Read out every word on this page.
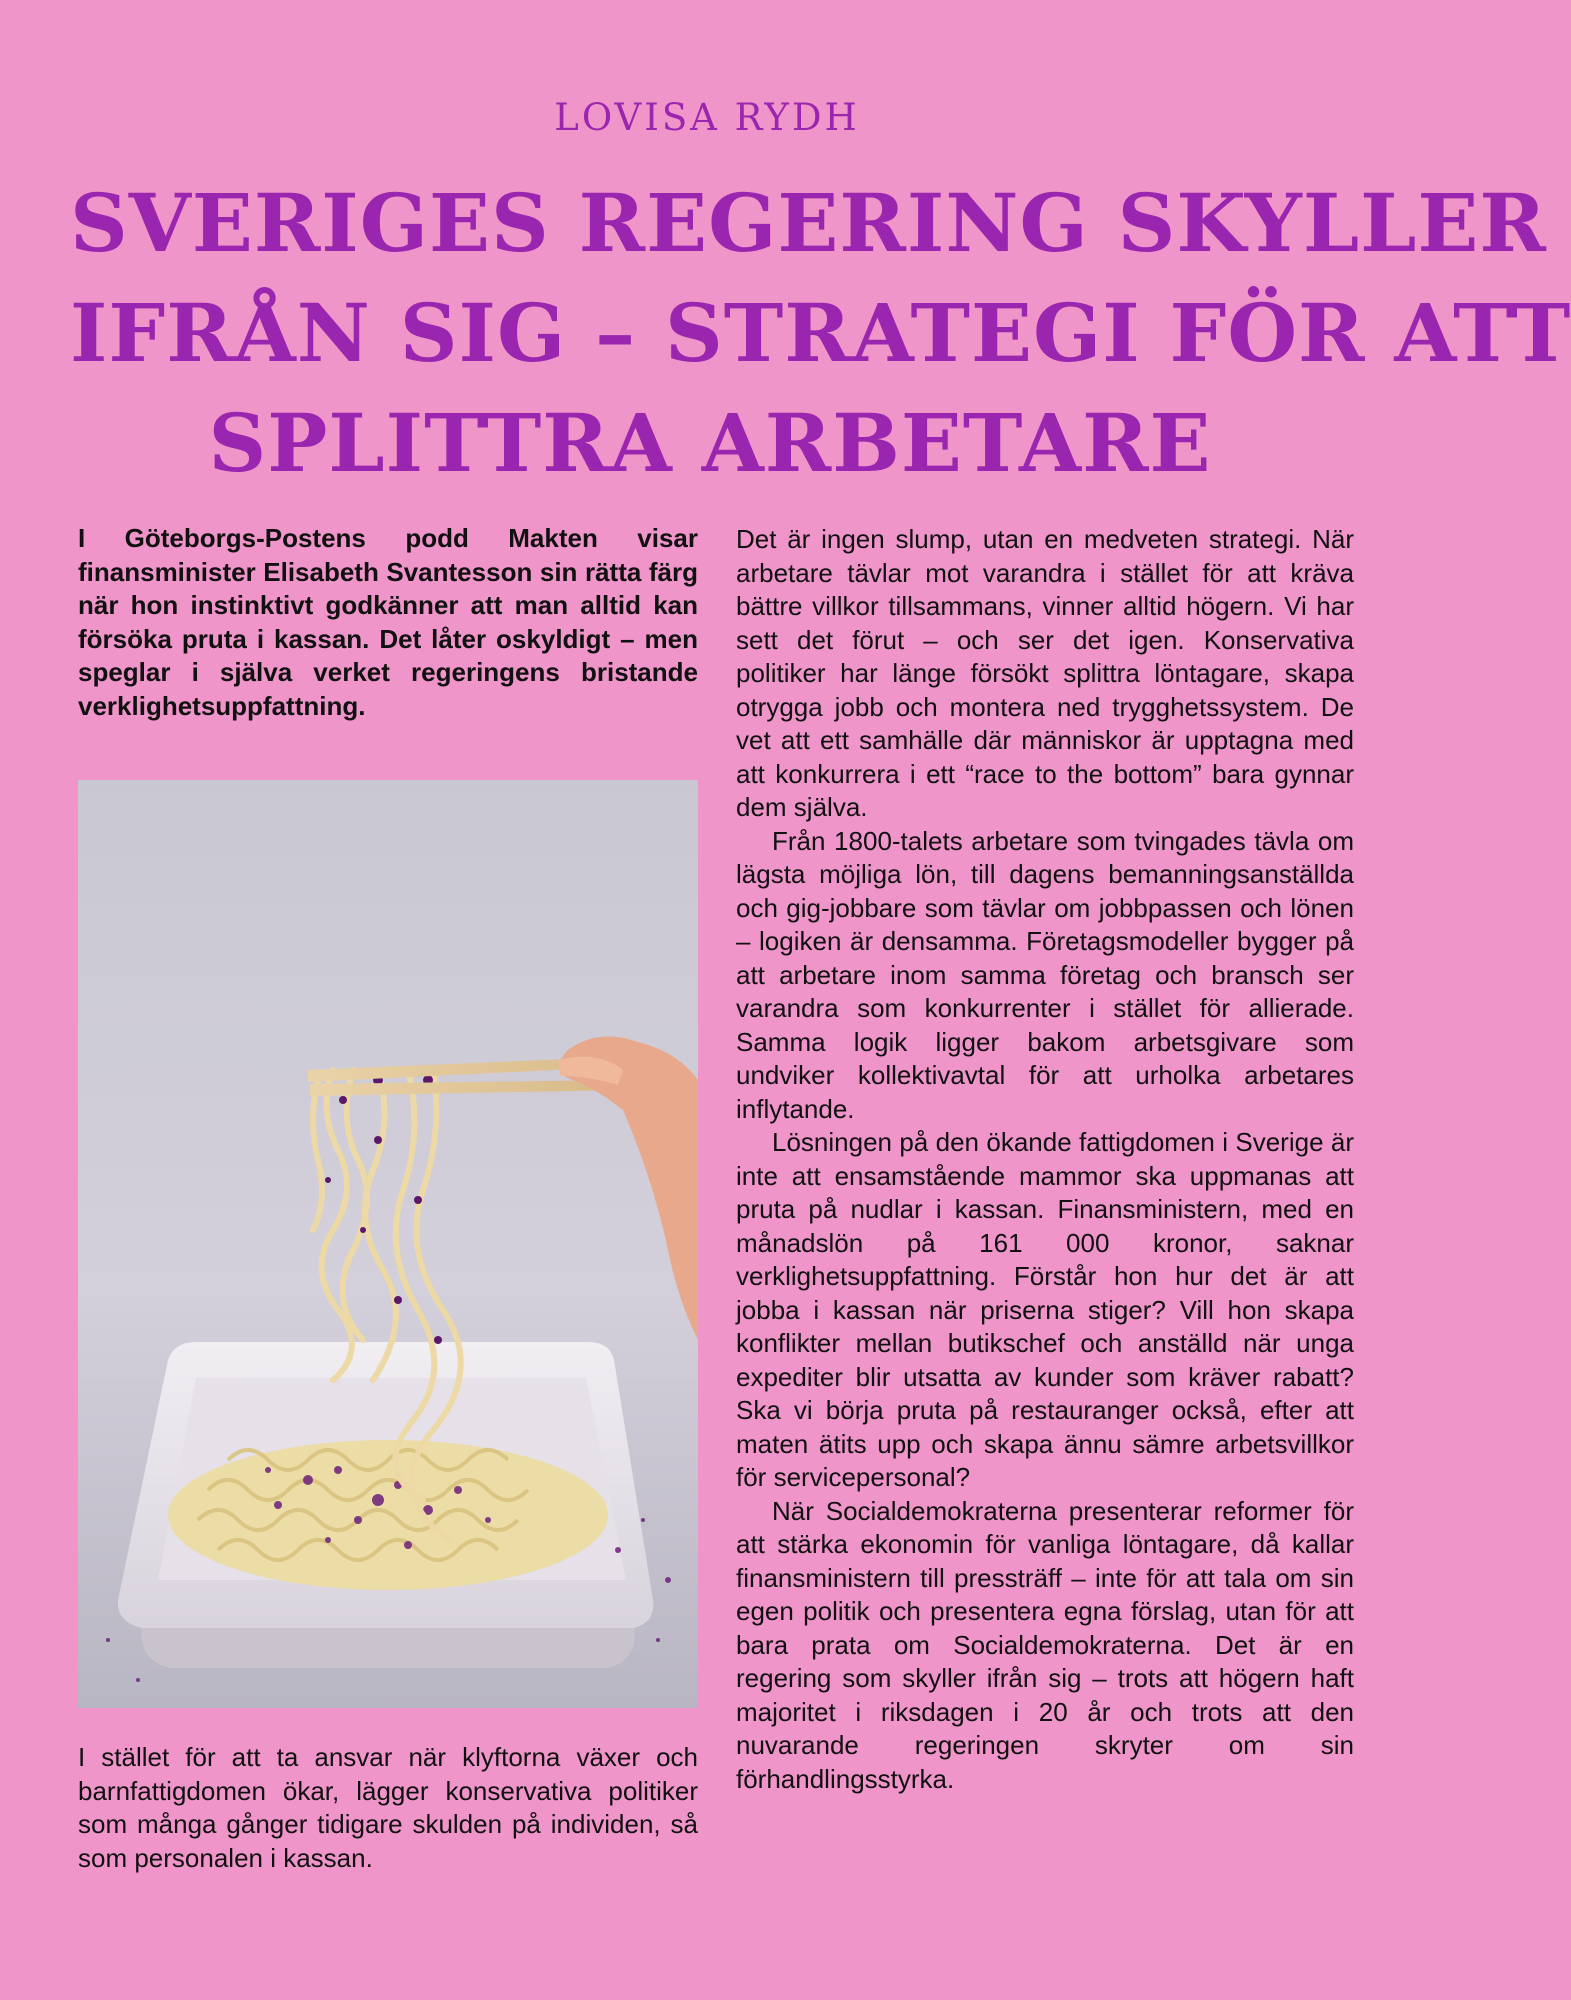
LOVISA RYDH
SVERIGES REGERING SKYLLER
IFRÅN SIG – STRATEGI FÖR ATT
SPLITTRA ARBETARE

I Göteborgs-Postens podd Makten visar finansminister Elisabeth Svantesson sin rätta färg när hon instinktivt godkänner att man alltid kan försöka pruta i kassan. Det låter oskyldigt – men speglar i själva verket regeringens bristande verklighetsuppfattning.

I stället för att ta ansvar när klyftorna växer och barnfattigdomen ökar, lägger konservativa politiker som många gånger tidigare skulden på individen, så som personalen i kassan.

Det är ingen slump, utan en medveten strategi. När arbetare tävlar mot varandra i stället för att kräva bättre villkor tillsammans, vinner alltid högern. Vi har sett det förut – och ser det igen. Konservativa politiker har länge försökt splittra löntagare, skapa otrygga jobb och montera ned trygghetssystem. De vet att ett samhälle där människor är upptagna med att konkurrera i ett “race to the bottom” bara gynnar dem själva.

Från 1800-talets arbetare som tvingades tävla om lägsta möjliga lön, till dagens bemanningsanställda och gig-jobbare som tävlar om jobbpassen och lönen – logiken är densamma. Företagsmodeller bygger på att arbetare inom samma företag och bransch ser varandra som konkurrenter i stället för allierade. Samma logik ligger bakom arbetsgivare som undviker kollektivavtal för att urholka arbetares inflytande.

Lösningen på den ökande fattigdomen i Sverige är inte att ensamstående mammor ska uppmanas att pruta på nudlar i kassan. Finansministern, med en månadslön på 161 000 kronor, saknar verklighetsuppfattning. Förstår hon hur det är att jobba i kassan när priserna stiger? Vill hon skapa konflikter mellan butikschef och anställd när unga expediter blir utsatta av kunder som kräver rabatt? Ska vi börja pruta på restauranger också, efter att maten ätits upp och skapa ännu sämre arbetsvillkor för servicepersonal?

När Socialdemokraterna presenterar reformer för att stärka ekonomin för vanliga löntagare, då kallar finansministern till pressträff – inte för att tala om sin egen politik och presentera egna förslag, utan för att bara prata om Socialdemokraterna. Det är en regering som skyller ifrån sig – trots att högern haft majoritet i riksdagen i 20 år och trots att den nuvarande regeringen skryter om sin förhandlingsstyrka.
